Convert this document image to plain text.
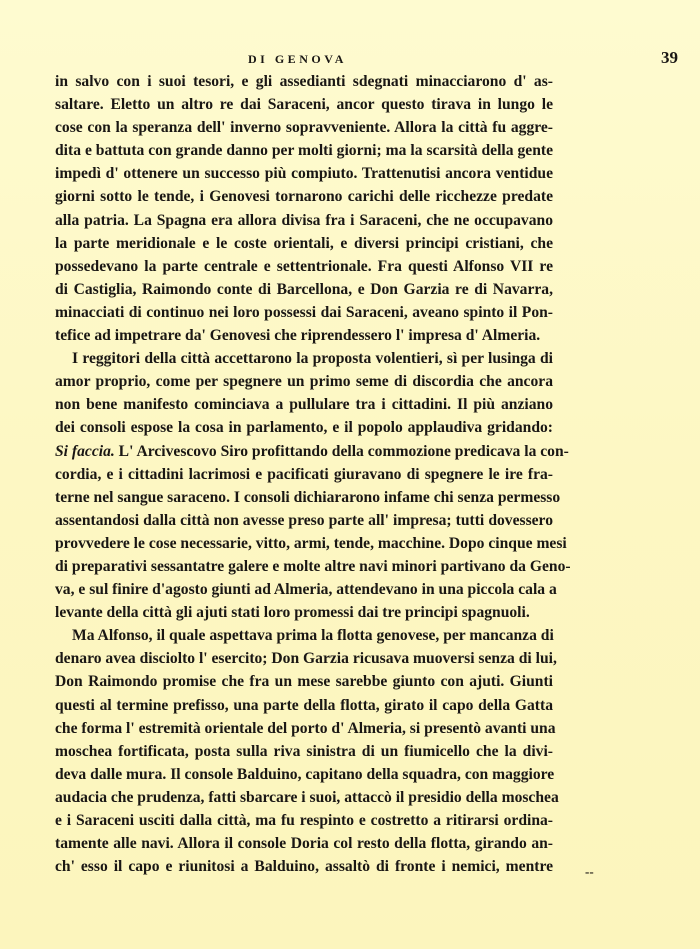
DI GENOVA	39
in salvo con i suoi tesori, e gli assedianti sdegnati minacciarono d' as-
saltare. Eletto un altro re dai Saraceni, ancor questo tirava in lungo le
cose con la speranza dell' inverno sopravveniente. Allora la città fu aggre-
dita e battuta con grande danno per molti giorni; ma la scarsità della gente
impedì d' ottenere un successo più compiuto. Trattenutisi ancora ventidue
giorni sotto le tende, i Genovesi tornarono carichi delle ricchezze predate
alla patria. La Spagna era allora divisa fra i Saraceni, che ne occupavano
la parte meridionale e le coste orientali, e diversi principi cristiani, che
possedevano la parte centrale e settentrionale. Fra questi Alfonso VII re
di Castiglia, Raimondo conte di Barcellona, e Don Garzia re di Navarra,
minacciati di continuo nei loro possessi dai Saraceni, aveano spinto il Pon-
tefice ad impetrare da' Genovesi che riprendessero l' impresa d' Almeria.
I reggitori della città accettarono la proposta volentieri, sì per lusinga di
amor proprio, come per spegnere un primo seme di discordia che ancora
non bene manifesto cominciava a pullulare tra i cittadini. Il più anziano
dei consoli espose la cosa in parlamento, e il popolo applaudiva gridando:
Si faccia. L' Arcivescovo Siro profittando della commozione predicava la con-
cordia, e i cittadini lacrimosi e pacificati giuravano di spegnere le ire fra-
terne nel sangue saraceno. I consoli dichiararono infame chi senza permesso
assentandosi dalla città non avesse preso parte all' impresa; tutti dovessero
provvedere le cose necessarie, vitto, armi, tende, macchine. Dopo cinque mesi
di preparativi sessantatre galere e molte altre navi minori partivano da Geno-
va, e sul finire d'agosto giunti ad Almeria, attendevano in una piccola cala a
levante della città gli ajuti stati loro promessi dai tre principi spagnuoli.
Ma Alfonso, il quale aspettava prima la flotta genovese, per mancanza di
denaro avea disciolto l' esercito; Don Garzia ricusava muoversi senza di lui,
Don Raimondo promise che fra un mese sarebbe giunto con ajuti. Giunti
questi al termine prefisso, una parte della flotta, girato il capo della Gatta
che forma l' estremità orientale del porto d' Almeria, si presentò avanti una
moschea fortificata, posta sulla riva sinistra di un fiumicello che la divi-
deva dalle mura. Il console Balduino, capitano della squadra, con maggiore
audacia che prudenza, fatti sbarcare i suoi, attaccò il presidio della moschea
e i Saraceni usciti dalla città, ma fu respinto e costretto a ritirarsi ordina-
tamente alle navi. Allora il console Doria col resto della flotta, girando an-
ch' esso il capo e riunitosi a Balduino, assaltò di fronte i nemici, mentre --
